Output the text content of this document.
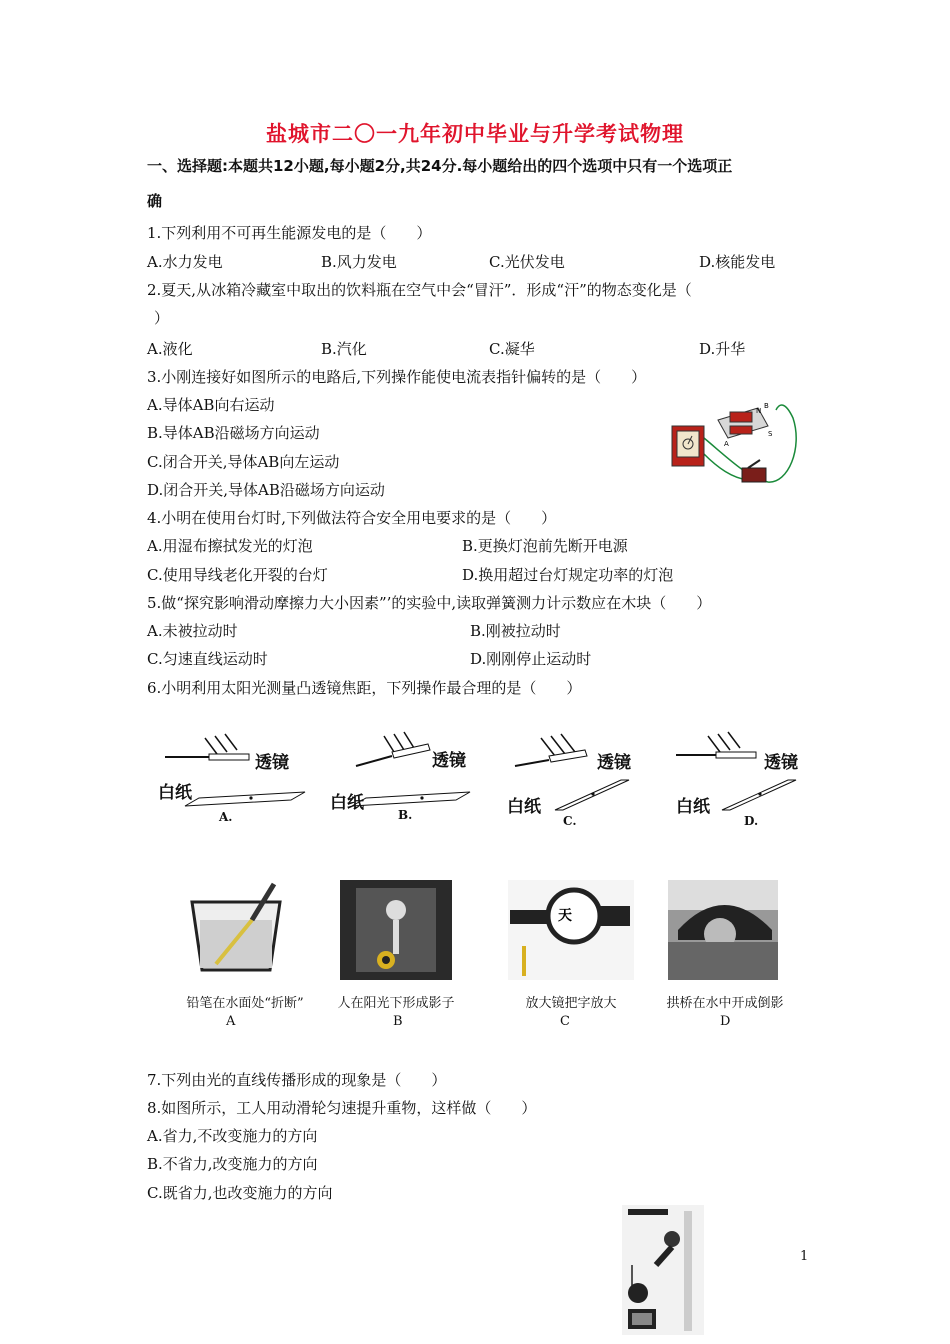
盐城市二〇一九年初中毕业与升学考试物理
一、选择题:本题共12小题,每小题2分,共24分.每小题给出的四个选项中只有一个选项正
确
1.下列利用不可再生能源发电的是（　　）
A.水力发电	B.风力发电	C.光伏发电	D.核能发电
2.夏天,从冰箱冷藏室中取出的饮料瓶在空气中会“冒汗”．形成“汗”的物态变化是（
）
A.液化	B.汽化	C.凝华	D.升华
3.小刚连接好如图所示的电路后,下列操作能使电流表指针偏转的是（　　）
A.导体AB向右运动
B.导体AB沿磁场方向运动
C.闭合开关,导体AB向左运动
D.闭合开关,导体AB沿磁场方向运动
N
S
A
B
4.小明在使用台灯时,下列做法符合安全用电要求的是（　　）
A.用湿布擦拭发光的灯泡	B.更换灯泡前先断开电源
C.使用导线老化开裂的台灯	D.换用超过台灯规定功率的灯泡
5.做“探究影响滑动摩擦力大小因素”’的实验中,读取弹簧测力计示数应在木块（　　）
A.未被拉动时	B.刚被拉动时
C.匀速直线运动时	D.刚刚停止运动时
6.小明利用太阳光测量凸透镜焦距，下列操作最合理的是（　　）
透镜
白纸
A.
透镜
白纸
B.
透镜
白纸
C.
透镜
白纸
D.
天
铅笔在水面处“折断”	人在阳光下形成影子	放大镜把字放大	拱桥在水中开成倒影
A	B	C	D
7.下列由光的直线传播形成的现象是（　　）
8.如图所示，工人用动滑轮匀速提升重物，这样做（　　）
A.省力,不改变施力的方向
B.不省力,改变施力的方向
C.既省力,也改变施力的方向
1
